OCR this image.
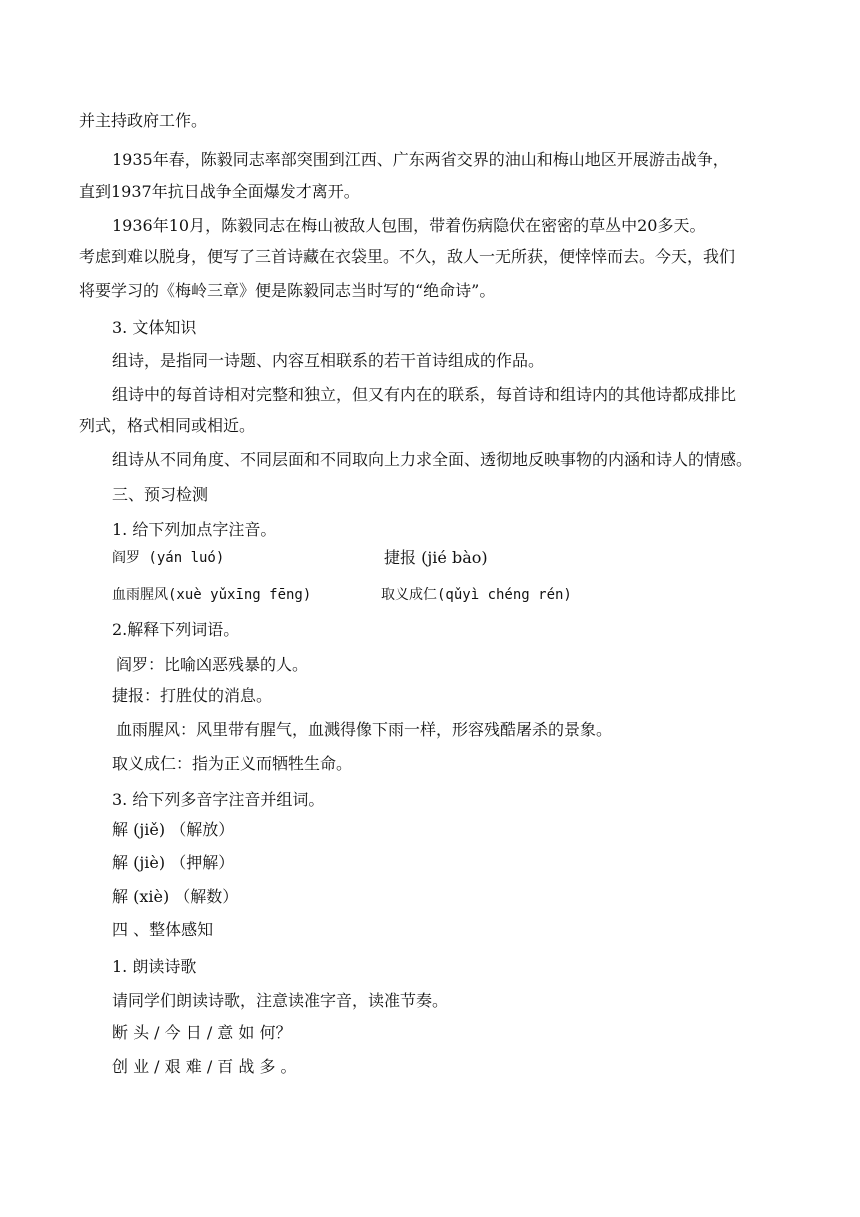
并主持政府工作。
1935年春，陈毅同志率部突围到江西、广东两省交界的油山和梅山地区开展游击战争，
直到1937年抗日战争全面爆发才离开。
1936年10月，陈毅同志在梅山被敌人包围，带着伤病隐伏在密密的草丛中20多天。
考虑到难以脱身，便写了三首诗藏在衣袋里。不久，敌人一无所获，便悻悻而去。今天，我们
将要学习的《梅岭三章》便是陈毅同志当时写的“绝命诗”。
3. 文体知识
组诗，是指同一诗题、内容互相联系的若干首诗组成的作品。
组诗中的每首诗相对完整和独立，但又有内在的联系，每首诗和组诗内的其他诗都成排比
列式，格式相同或相近。
组诗从不同角度、不同层面和不同取向上力求全面、透彻地反映事物的内涵和诗人的情感。
三、预习检测
1. 给下列加点字注音。
阎罗 (yán luó)	捷报 (jié bào)
血雨腥风(xuè yǔxīng fēng)	取义成仁(qǔyì chéng rén)
2.解释下列词语。
阎罗：比喻凶恶残暴的人。
捷报：打胜仗的消息。
血雨腥风：风里带有腥气，血溅得像下雨一样，形容残酷屠杀的景象。
取义成仁：指为正义而牺牲生命。
3. 给下列多音字注音并组词。
解 (jiě) （解放）
解 (jiè) （押解）
解 (xiè) （解数）
四 、整体感知
1. 朗读诗歌
请同学们朗读诗歌，注意读准字音，读准节奏。
断 头 / 今 日 / 意 如 何？
创 业 / 艰 难 / 百 战 多 。
